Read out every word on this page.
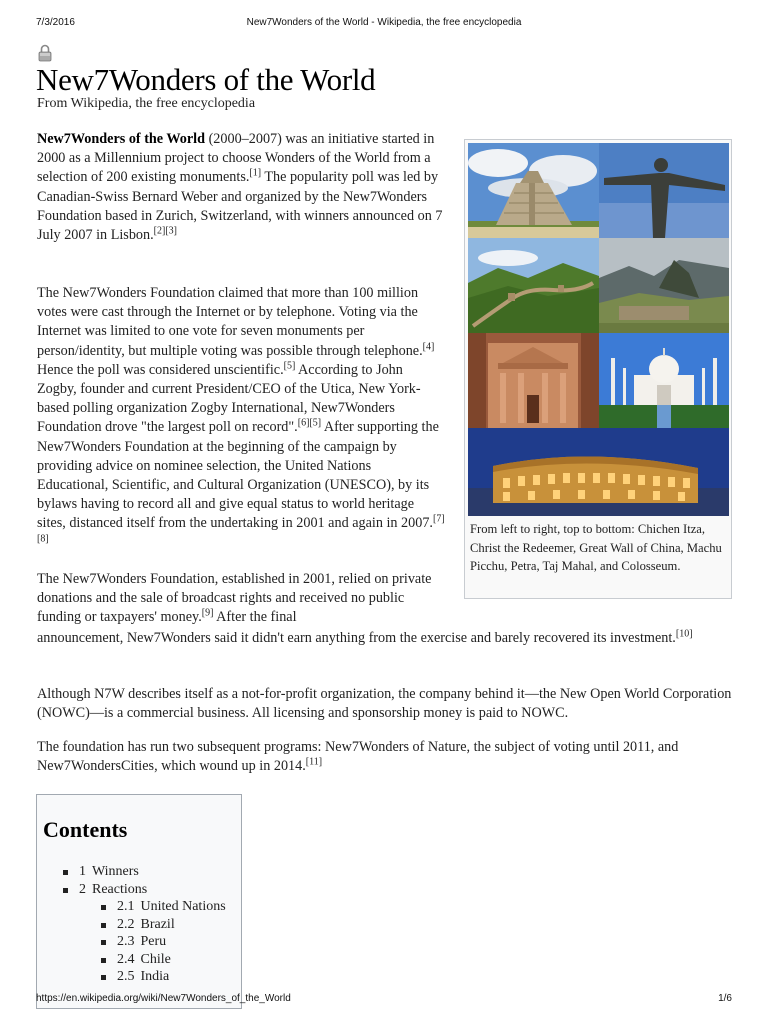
7/3/2016	New7Wonders of the World - Wikipedia, the free encyclopedia
New7Wonders of the World
From Wikipedia, the free encyclopedia

New7Wonders of the World (2000–2007) was an initiative started in 2000 as a Millennium project to choose Wonders of the World from a selection of 200 existing monuments.[1] The popularity poll was led by Canadian-Swiss Bernard Weber and organized by the New7Wonders Foundation based in Zurich, Switzerland, with winners announced on 7 July 2007 in Lisbon.[2][3]

The New7Wonders Foundation claimed that more than 100 million votes were cast through the Internet or by telephone. Voting via the Internet was limited to one vote for seven monuments per person/identity, but multiple voting was possible through telephone.[4] Hence the poll was considered unscientific.[5] According to John Zogby, founder and current President/CEO of the Utica, New York-based polling organization Zogby International, New7Wonders Foundation drove "the largest poll on record".[6][5] After supporting the New7Wonders Foundation at the beginning of the campaign by providing advice on nominee selection, the United Nations Educational, Scientific, and Cultural Organization (UNESCO), by its bylaws having to record all and give equal status to world heritage sites, distanced itself from the undertaking in 2001 and again in 2007.[7][8]

The New7Wonders Foundation, established in 2001, relied on private donations and the sale of broadcast rights and received no public funding or taxpayers' money.[9] After the final

announcement, New7Wonders said it didn't earn anything from the exercise and barely recovered its investment.[10]

Although N7W describes itself as a not-for-profit organization, the company behind it—the New Open World Corporation (NOWC)—is a commercial business. All licensing and sponsorship money is paid to NOWC.

The foundation has run two subsequent programs: New7Wonders of Nature, the subject of voting until 2011, and New7WondersCities, which wound up in 2014.[11]

From left to right, top to bottom: Chichen Itza, Christ the Redeemer, Great Wall of China, Machu Picchu, Petra, Taj Mahal, and Colosseum.
Contents
1 Winners
2 Reactions
2.1 United Nations
2.2 Brazil
2.3 Peru
2.4 Chile
2.5 India
https://en.wikipedia.org/wiki/New7Wonders_of_the_World	1/6
